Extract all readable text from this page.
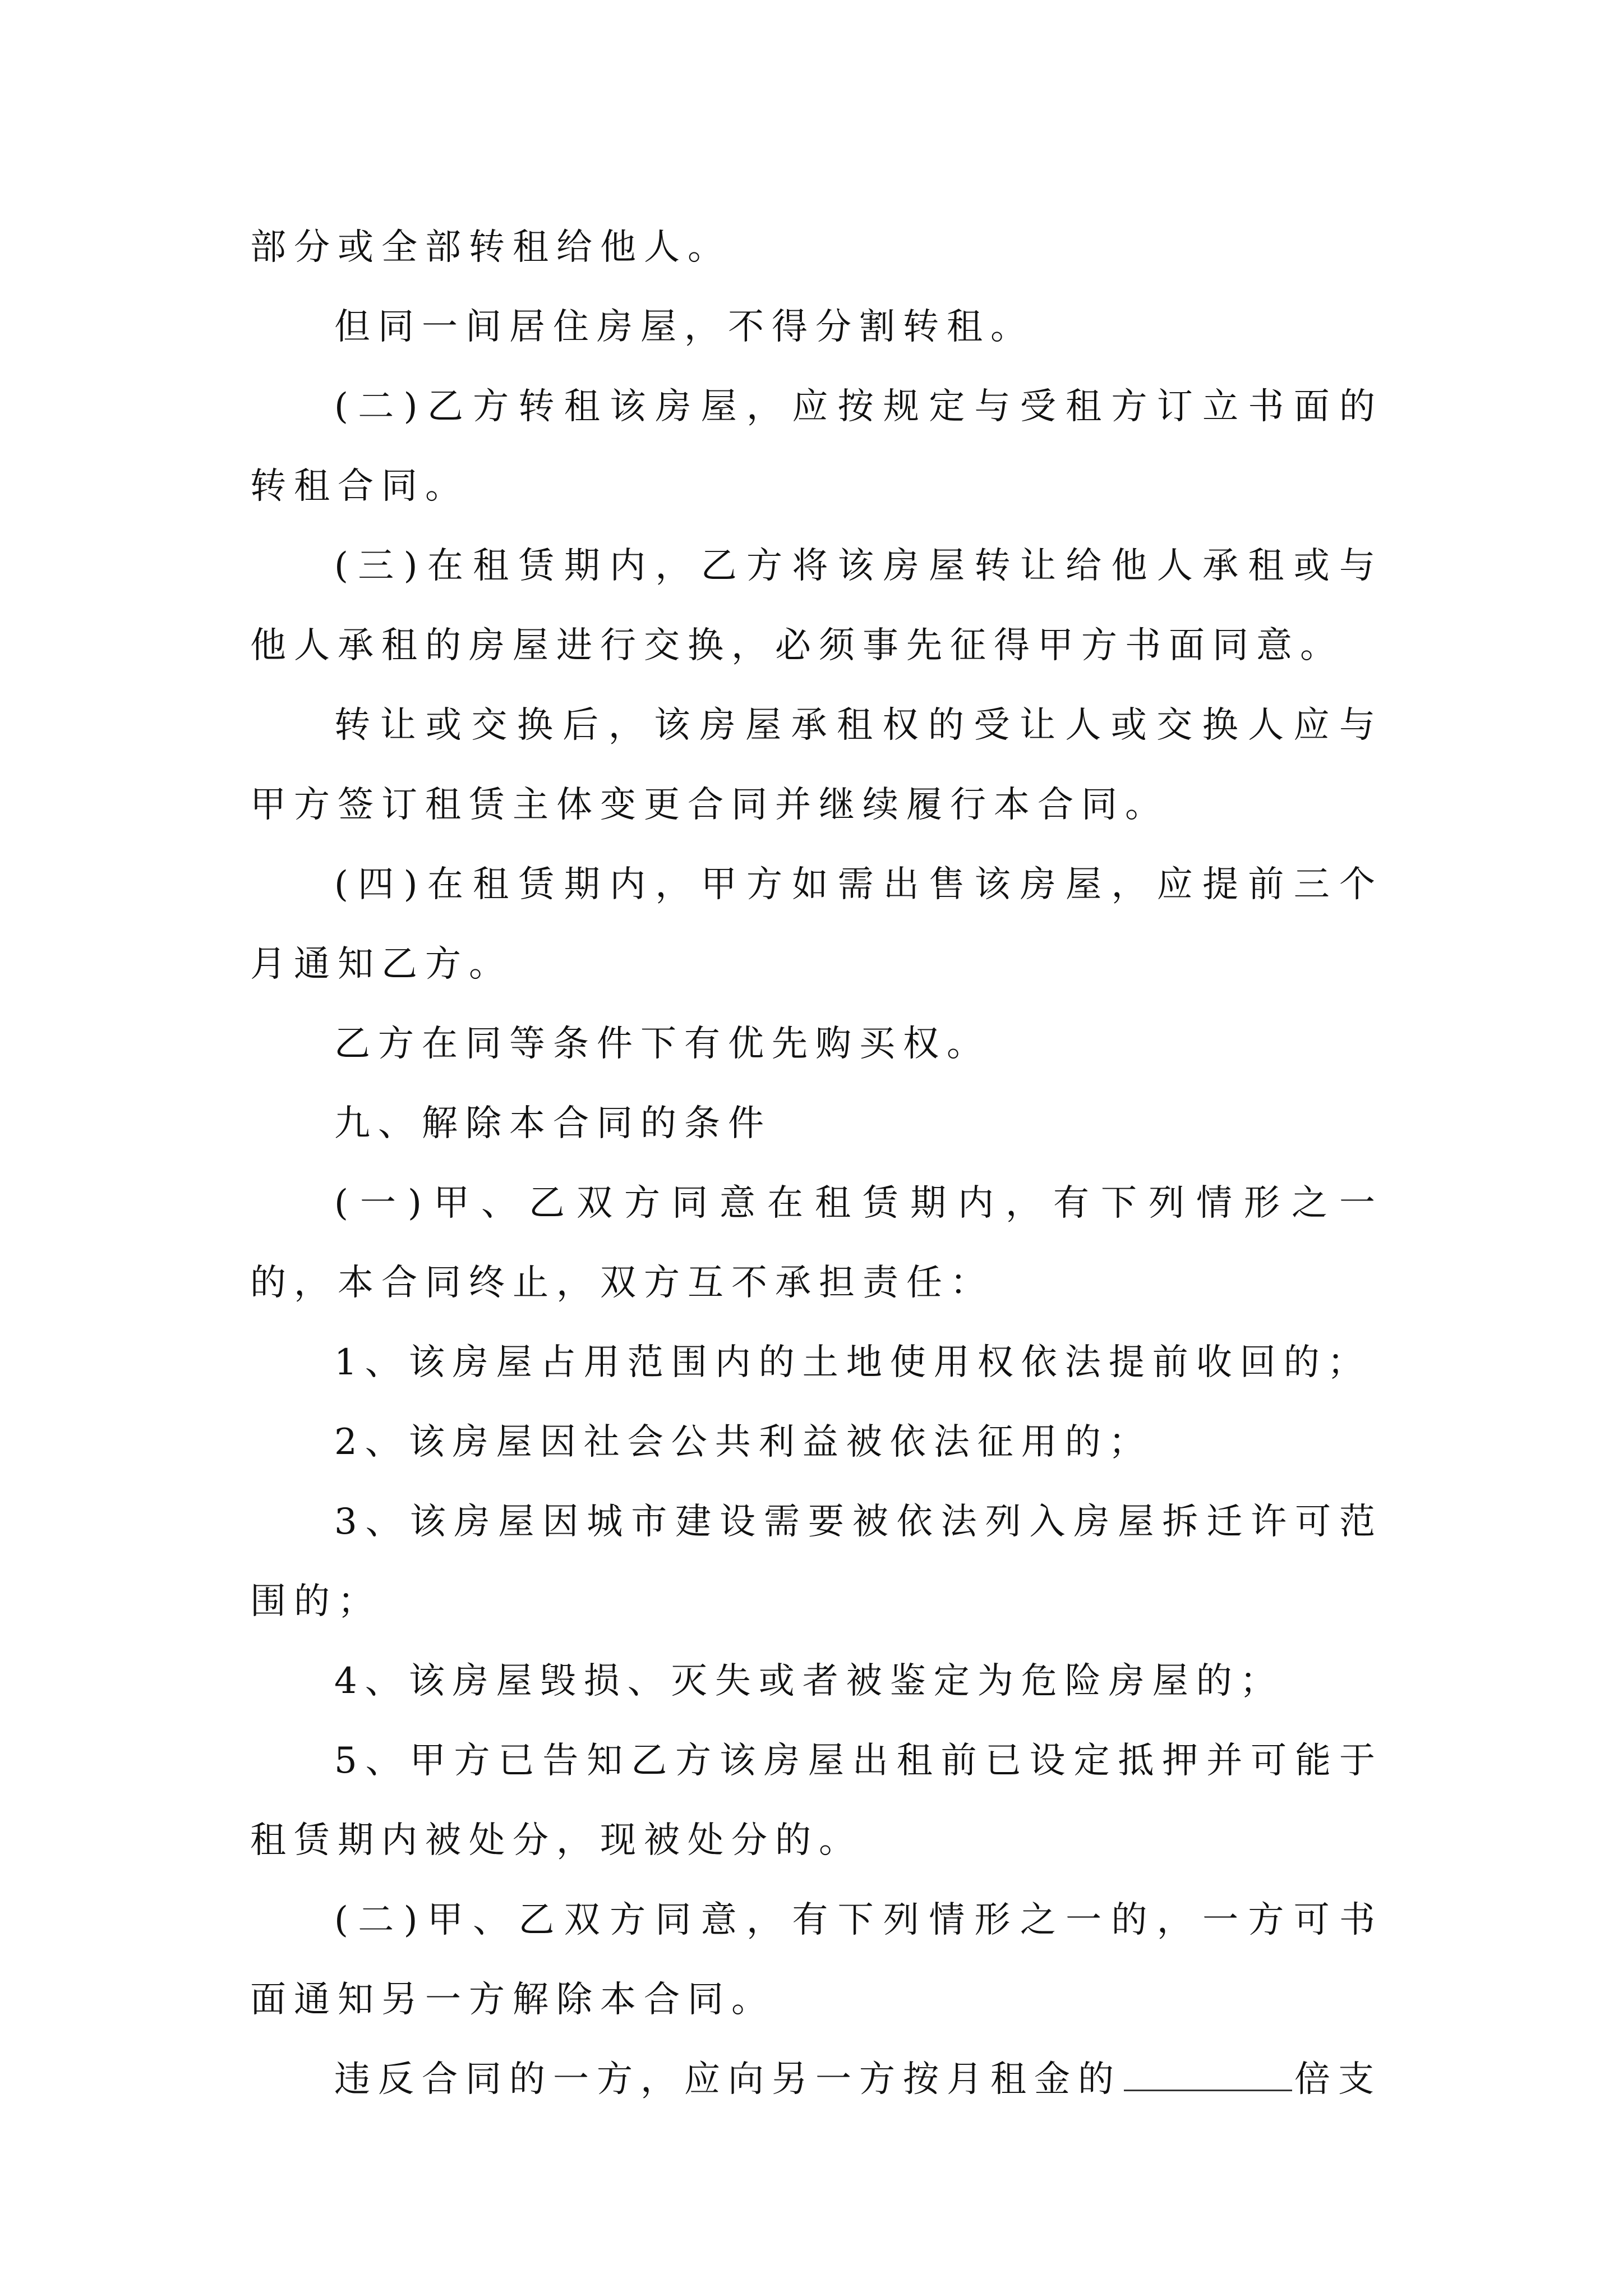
部分或全部转租给他人。

但同一间居住房屋，不得分割转租。

(二)乙方转租该房屋，应按规定与受租方订立书面的转租合同。

(三)在租赁期内，乙方将该房屋转让给他人承租或与他人承租的房屋进行交换，必须事先征得甲方书面同意。

转让或交换后，该房屋承租权的受让人或交换人应与甲方签订租赁主体变更合同并继续履行本合同。

(四)在租赁期内，甲方如需出售该房屋，应提前三个月通知乙方。

乙方在同等条件下有优先购买权。

九、解除本合同的条件

(一)甲、乙双方同意在租赁期内，有下列情形之一的，本合同终止，双方互不承担责任：

1、该房屋占用范围内的土地使用权依法提前收回的；

2、该房屋因社会公共利益被依法征用的；

3、该房屋因城市建设需要被依法列入房屋拆迁许可范围的；

4、该房屋毁损、灭失或者被鉴定为危险房屋的；

5、甲方已告知乙方该房屋出租前已设定抵押并可能于租赁期内被处分，现被处分的。

(二)甲、乙双方同意，有下列情形之一的，一方可书面通知另一方解除本合同。

违反合同的一方，应向另一方按月租金的	倍支
